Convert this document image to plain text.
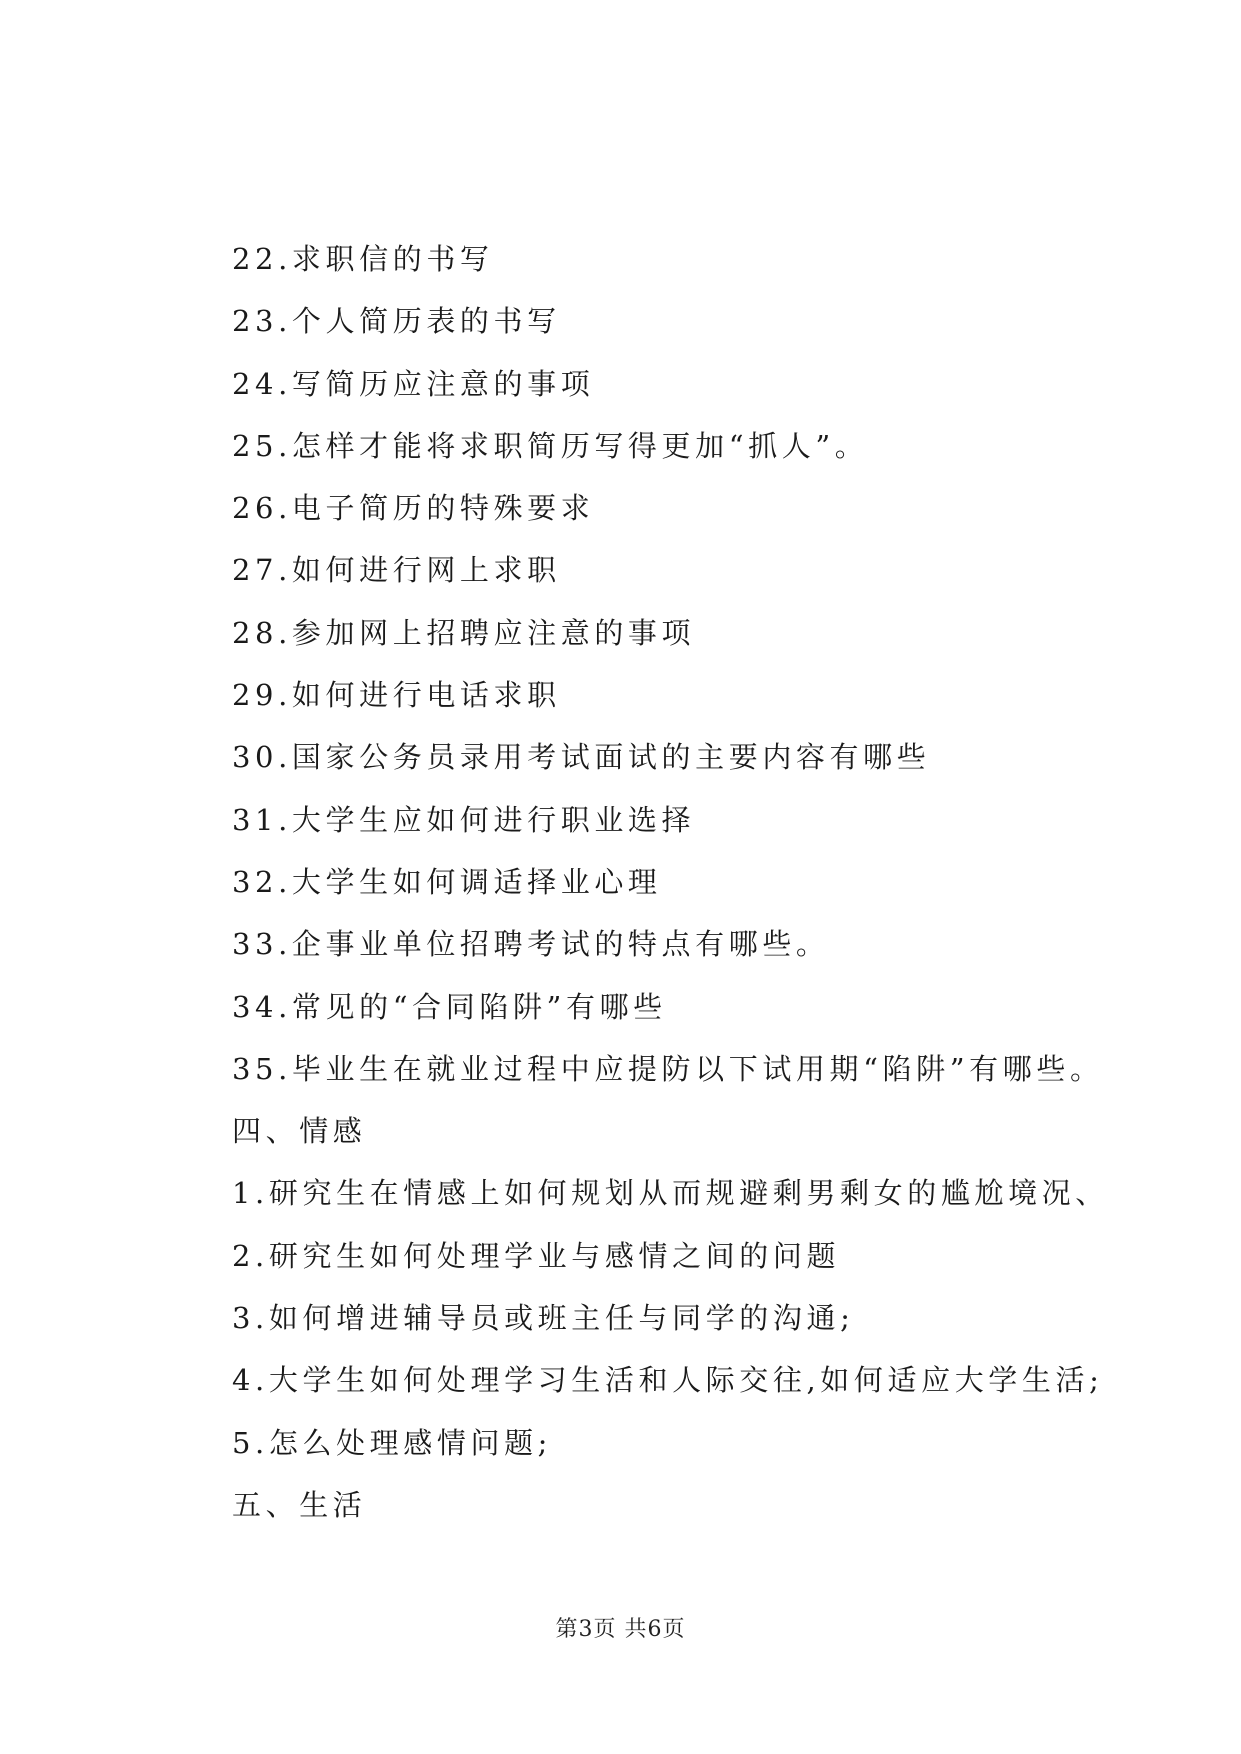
22.求职信的书写
23.个人简历表的书写
24.写简历应注意的事项
25.怎样才能将求职简历写得更加“抓人”。
26.电子简历的特殊要求
27.如何进行网上求职
28.参加网上招聘应注意的事项
29.如何进行电话求职
30.国家公务员录用考试面试的主要内容有哪些
31.大学生应如何进行职业选择
32.大学生如何调适择业心理
33.企事业单位招聘考试的特点有哪些。
34.常见的“合同陷阱”有哪些
35.毕业生在就业过程中应提防以下试用期“陷阱”有哪些。
四、情感
1.研究生在情感上如何规划从而规避剩男剩女的尴尬境况、
2.研究生如何处理学业与感情之间的问题
3.如何增进辅导员或班主任与同学的沟通;
4.大学生如何处理学习生活和人际交往,如何适应大学生活;
5.怎么处理感情问题;
五、生活
第3页 共6页
